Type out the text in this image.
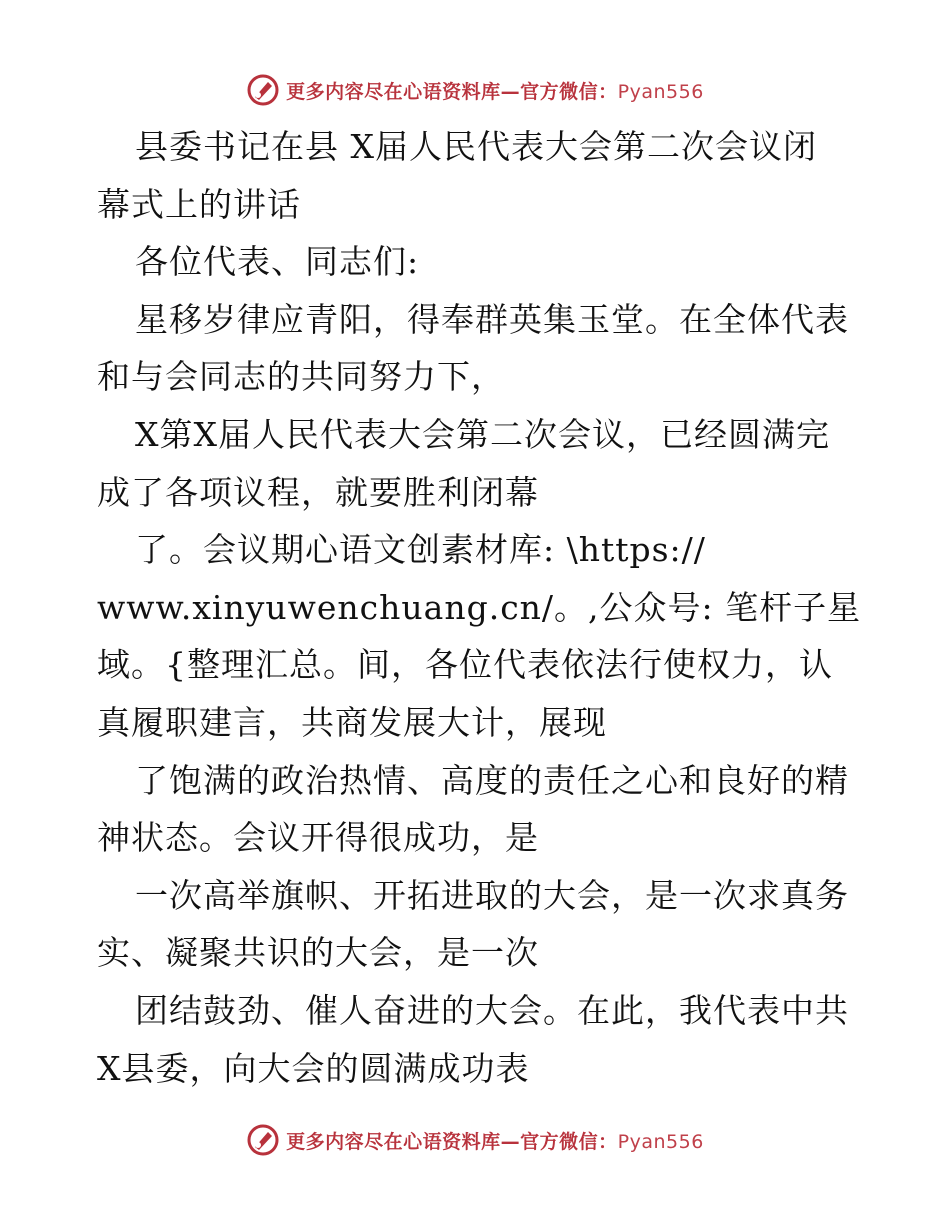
更多内容尽在心语资料库—官方微信：Pyan556
县委书记在县 X届人民代表大会第二次会议闭
幕式上的讲话
各位代表、同志们:
星移岁律应青阳，得奉群英集玉堂。在全体代表
和与会同志的共同努力下，
X第X届人民代表大会第二次会议，已经圆满完
成了各项议程，就要胜利闭幕
了。会议期心语文创素材库: \https://
www.xinyuwenchuang.cn/。,公众号: 笔杆子星
域。{整理汇总。间，各位代表依法行使权力，认
真履职建言，共商发展大计，展现
了饱满的政治热情、高度的责任之心和良好的精
神状态。会议开得很成功，是
一次高举旗帜、开拓进取的大会，是一次求真务
实、凝聚共识的大会，是一次
团结鼓劲、催人奋进的大会。在此，我代表中共
X县委，向大会的圆满成功表
更多内容尽在心语资料库—官方微信：Pyan556
